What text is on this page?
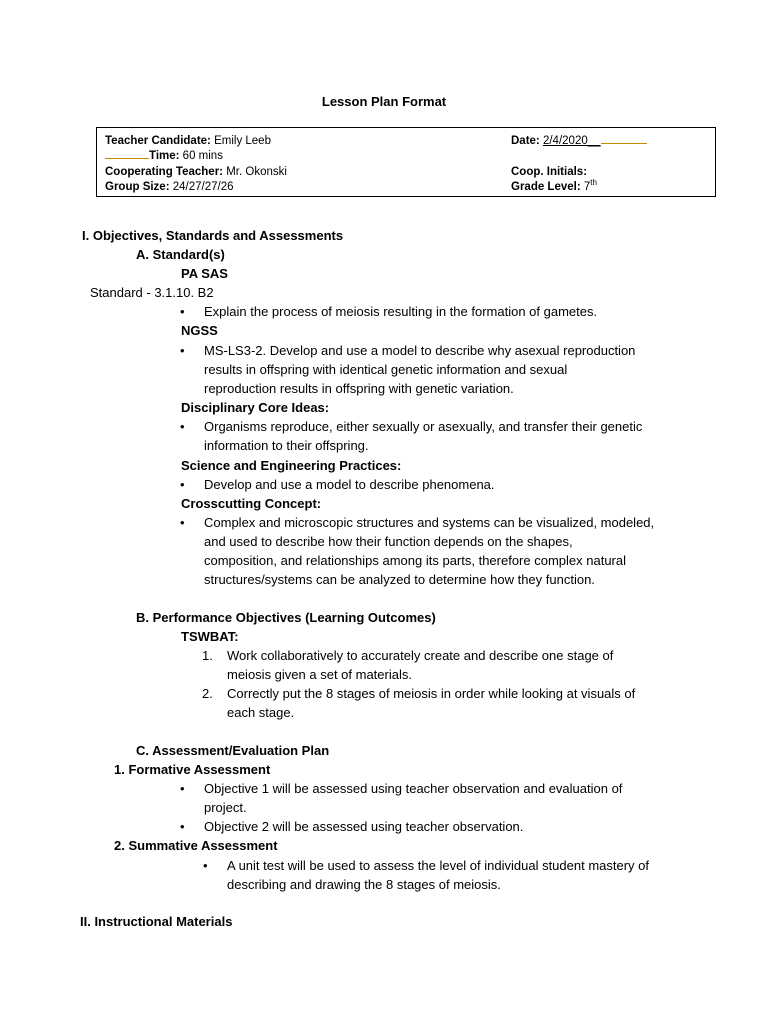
Lesson Plan Format
Teacher Candidate: Emily Leeb	Date: 2/4/2020__
Time: 60 mins
Cooperating Teacher: Mr. Okonski	Coop. Initials:
Group Size: 24/27/27/26	Grade Level: 7th
I. Objectives, Standards and Assessments
A. Standard(s)
PA SAS
Standard - 3.1.10. B2
• Explain the process of meiosis resulting in the formation of gametes.
NGSS
• MS-LS3-2. Develop and use a model to describe why asexual reproduction
results in offspring with identical genetic information and sexual
reproduction results in offspring with genetic variation.
Disciplinary Core Ideas:
• Organisms reproduce, either sexually or asexually, and transfer their genetic
information to their offspring.
Science and Engineering Practices:
• Develop and use a model to describe phenomena.
Crosscutting Concept:
• Complex and microscopic structures and systems can be visualized, modeled,
and used to describe how their function depends on the shapes,
composition, and relationships among its parts, therefore complex natural
structures/systems can be analyzed to determine how they function.
B. Performance Objectives (Learning Outcomes)
TSWBAT:
1. Work collaboratively to accurately create and describe one stage of
meiosis given a set of materials.
2. Correctly put the 8 stages of meiosis in order while looking at visuals of
each stage.
C. Assessment/Evaluation Plan
1. Formative Assessment
• Objective 1 will be assessed using teacher observation and evaluation of
project.
• Objective 2 will be assessed using teacher observation.
2. Summative Assessment
• A unit test will be used to assess the level of individual student mastery of
describing and drawing the 8 stages of meiosis.
II. Instructional Materials
